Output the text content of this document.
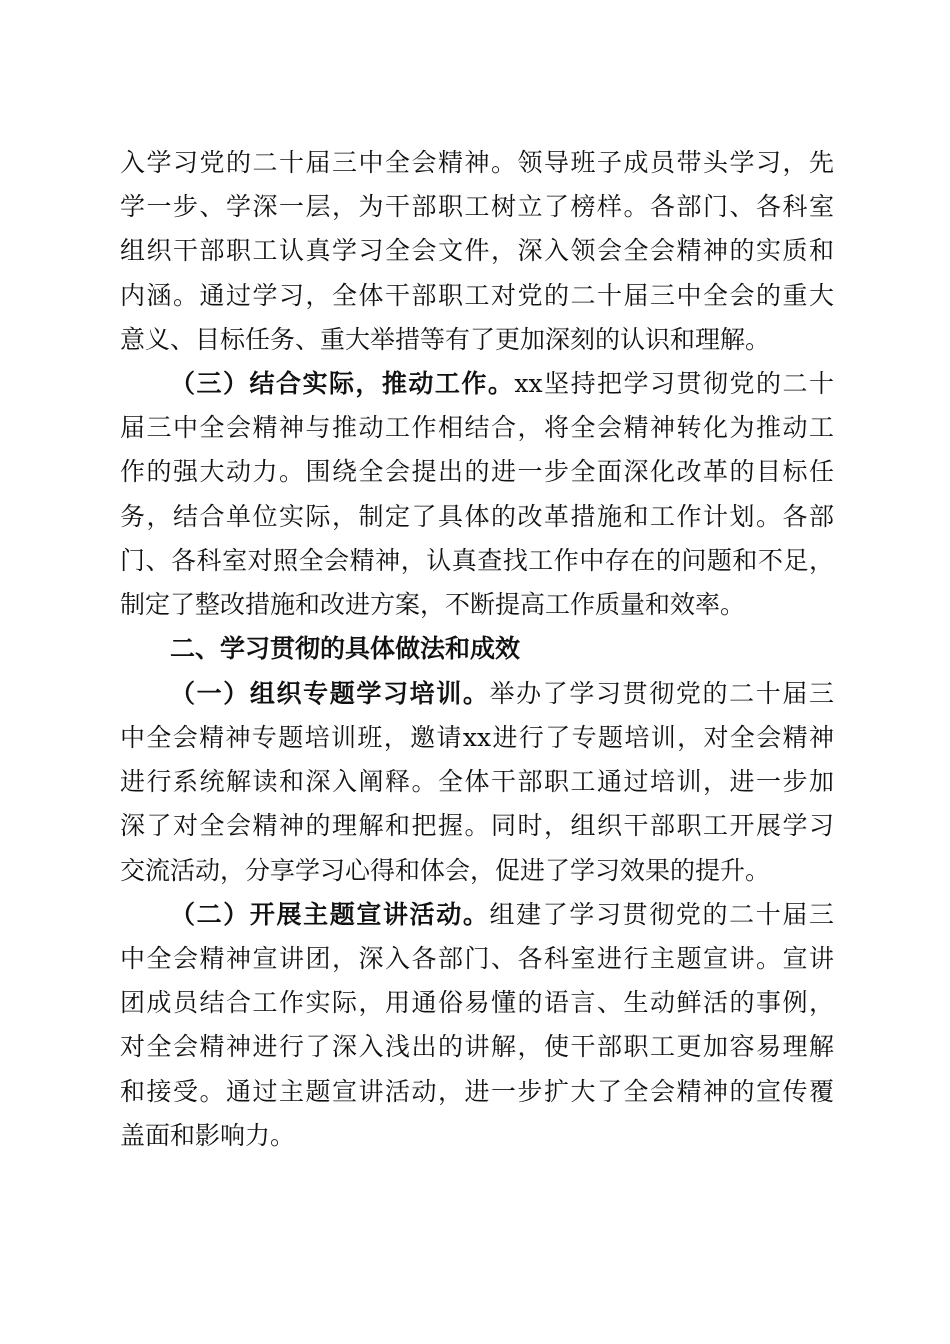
入学习党的二十届三中全会精神。领导班子成员带头学习，先

学一步、学深一层，为干部职工树立了榜样。各部门、各科室

组织干部职工认真学习全会文件，深入领会全会精神的实质和

内涵。通过学习，全体干部职工对党的二十届三中全会的重大

意义、目标任务、重大举措等有了更加深刻的认识和理解。

（三）结合实际，推动工作。xx坚持把学习贯彻党的二十

届三中全会精神与推动工作相结合，将全会精神转化为推动工

作的强大动力。围绕全会提出的进一步全面深化改革的目标任

务，结合单位实际，制定了具体的改革措施和工作计划。各部

门、各科室对照全会精神，认真查找工作中存在的问题和不足，

制定了整改措施和改进方案，不断提高工作质量和效率。

二、学习贯彻的具体做法和成效

（一）组织专题学习培训。举办了学习贯彻党的二十届三

中全会精神专题培训班，邀请xx进行了专题培训，对全会精神

进行系统解读和深入阐释。全体干部职工通过培训，进一步加

深了对全会精神的理解和把握。同时，组织干部职工开展学习

交流活动，分享学习心得和体会，促进了学习效果的提升。

（二）开展主题宣讲活动。组建了学习贯彻党的二十届三

中全会精神宣讲团，深入各部门、各科室进行主题宣讲。宣讲

团成员结合工作实际，用通俗易懂的语言、生动鲜活的事例，

对全会精神进行了深入浅出的讲解，使干部职工更加容易理解

和接受。通过主题宣讲活动，进一步扩大了全会精神的宣传覆

盖面和影响力。
